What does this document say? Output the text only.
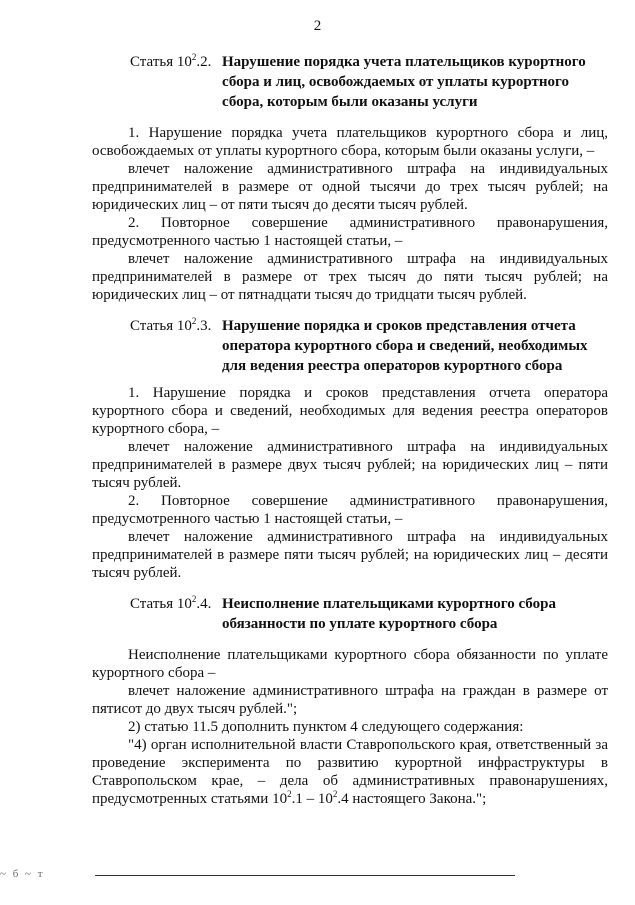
2
Статья $10^2.2$. Нарушение порядка учета плательщиков курортного сбора и лиц, освобождаемых от уплаты курортного сбора, которым были оказаны услуги
1. Нарушение порядка учета плательщиков курортного сбора и лиц, освобождаемых от уплаты курортного сбора, которым были оказаны услуги, –
влечет наложение административного штрафа на индивидуальных предпринимателей в размере от одной тысячи до трех тысяч рублей; на юридических лиц – от пяти тысяч до десяти тысяч рублей.
2. Повторное совершение административного правонарушения, предусмотренного частью 1 настоящей статьи, –
влечет наложение административного штрафа на индивидуальных предпринимателей в размере от трех тысяч до пяти тысяч рублей; на юридических лиц – от пятнадцати тысяч до тридцати тысяч рублей.
Статья $10^2.3$. Нарушение порядка и сроков представления отчета оператора курортного сбора и сведений, необходимых для ведения реестра операторов курортного сбора
1. Нарушение порядка и сроков представления отчета оператора курортного сбора и сведений, необходимых для ведения реестра операторов курортного сбора, –
влечет наложение административного штрафа на индивидуальных предпринимателей в размере двух тысяч рублей; на юридических лиц – пяти тысяч рублей.
2. Повторное совершение административного правонарушения, предусмотренного частью 1 настоящей статьи, –
влечет наложение административного штрафа на индивидуальных предпринимателей в размере пяти тысяч рублей; на юридических лиц – десяти тысяч рублей.
Статья $10^2.4$. Неисполнение плательщиками курортного сбора обязанности по уплате курортного сбора
Неисполнение плательщиками курортного сбора обязанности по уплате курортного сбора –
влечет наложение административного штрафа на граждан в размере от пятисот до двух тысяч рублей.";
2) статью 11.5 дополнить пунктом 4 следующего содержания:
"4) орган исполнительной власти Ставропольского края, ответственный за проведение эксперимента по развитию курортной инфраструктуры в Ставропольском крае, – дела об административных правонарушениях, предусмотренных статьями $10^2.1 - 10^2.4$ настоящего Закона.";
~ б ~ т
